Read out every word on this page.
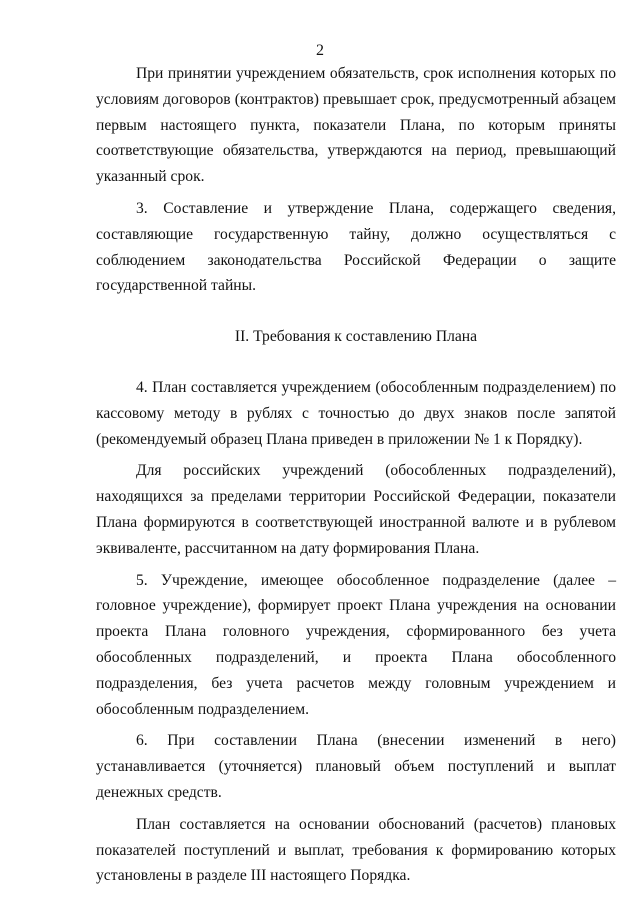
2

При принятии учреждением обязательств, срок исполнения которых по условиям договоров (контрактов) превышает срок, предусмотренный абзацем первым настоящего пункта, показатели Плана, по которым приняты соответствующие обязательства, утверждаются на период, превышающий указанный срок.

3. Составление и утверждение Плана, содержащего сведения, составляющие государственную тайну, должно осуществляться с соблюдением законодательства Российской Федерации о защите государственной тайны.

II. Требования к составлению Плана

4. План составляется учреждением (обособленным подразделением) по кассовому методу в рублях с точностью до двух знаков после запятой (рекомендуемый образец Плана приведен в приложении № 1 к Порядку).

Для российских учреждений (обособленных подразделений), находящихся за пределами территории Российской Федерации, показатели Плана формируются в соответствующей иностранной валюте и в рублевом эквиваленте, рассчитанном на дату формирования Плана.

5. Учреждение, имеющее обособленное подразделение (далее – головное учреждение), формирует проект Плана учреждения на основании проекта Плана головного учреждения, сформированного без учета обособленных подразделений, и проекта Плана обособленного подразделения, без учета расчетов между головным учреждением и обособленным подразделением.

6. При составлении Плана (внесении изменений в него) устанавливается (уточняется) плановый объем поступлений и выплат денежных средств.

План составляется на основании обоснований (расчетов) плановых показателей поступлений и выплат, требования к формированию которых установлены в разделе III настоящего Порядка.
